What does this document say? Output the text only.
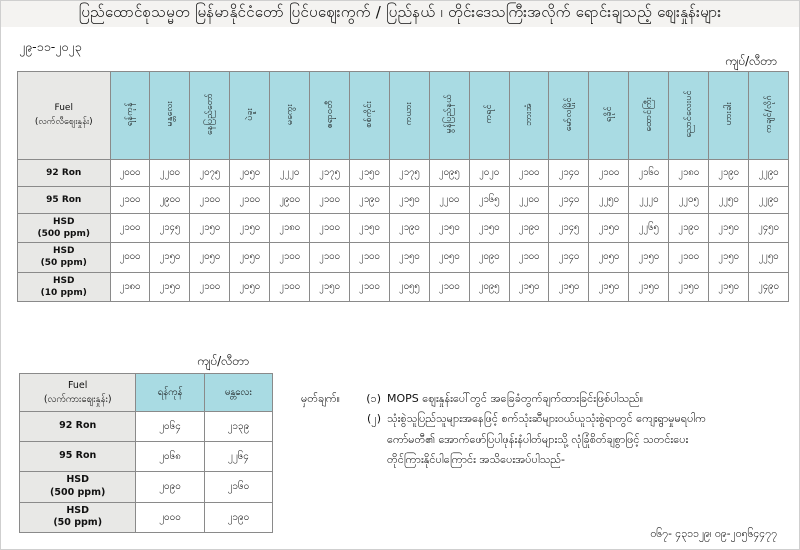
ပြည်ထောင်စုသမ္မတ မြန်မာနိုင်ငံတော် ပြင်ပဈေးကွက် / ပြည်နယ် ၊ တိုင်းဒေသကြီးအလိုက် ရောင်းချသည့် စျေးနှုန်းများ
၂၉-၁၁-၂၀၂၃
ကျပ်/လီတာ
Fuel
(လက်လီဈေးနှုန်း)	ရန်ကုန်	မန္တလေး	နေပြည်တော်	ပဲခူး	မကွေး	ဧရာဝတီ	စစ်ကိုင်း	ကယား	မွန်ပြည်နယ်	ကရင်	ဘားအံ	မော်လမြိုင်	ရခိုင်	ထောင်ကြီး	ညောင်လေးပင်	ဟားခါး	ကချင်/လိုဂ်

92 Ron	၂၀၀၀	၂၂၀၀	၂၀၇၅	၂၀၅၀	၂၂၂၀	၂၁၇၅	၂၁၅၀	၂၁၇၅	၂၀၉၅	၂၀၂၀	၂၁၀၀	၂၁၄၀	၂၁၀၀	၂၁၆၀	၂၁၈၀	၂၁၉၀	၂၂၉၀

95 Ron	၂၁၀၀	၂၉၀၀	၂၁၀၀	၂၁၀၀	၂၉၀၀	၂၁၀၀	၂၁၉၀	၂၁၅၀	၂၂၀၀	၂၁၆၅	၂၂၀၀	၂၁၄၀	၂၂၅၀	၂၂၂၀	၂၂၀၅	၂၂၅၀	၂၂၉၀

HSD
(500 ppm)	၂၁၀၀	၂၁၄၅	၂၁၅၀	၂၁၅၀	၂၁၈၀	၂၁၀၀	၂၁၅၀	၂၁၉၀	၂၁၅၀	၂၁၅၀	၂၁၉၀	၂၁၄၅	၂၁၅၀	၂၂၆၅	၂၁၉၀	၂၁၅၀	၂၄၅၀

HSD
(50 ppm)	၂၀၀၀	၂၁၅၀	၂၀၅၀	၂၀၅၀	၂၁၀၀	၂၁၀၀	၂၁၀၀	၂၁၅၀	၂၀၅၀	၂၀၉၀	၂၁၀၀	၂၁၄၀	၂၀၅၀	၂၁၅၀	၂၁၀၀	၂၁၅၀	၂၂၅၀

HSD
(10 ppm)	၂၁၈၀	၂၁၅၀	၂၁၀၀	၂၀၅၀	၂၁၀၀	၂၁၅၀	၂၁၀၀	၂၀၅၅	၂၁၀၀	၂၀၉၅	၂၁၅၀	၂၁၅၀	၂၁၅၀	၂၁၅၀	၂၁၅၀	၂၁၅၀	၂၄၉၀
ကျပ်/လီတာ
Fuel
(လက်ကားဈေးနှုန်း)	ရန်ကုန်	မန္တလေး

92 Ron	၂၀၆၄	၂၁၃၉

95 Ron	၂၀၆၈	၂၂၆၄

HSD
(500 ppm)	၂၀၉၀	၂၁၆၀

HSD
(50 ppm)	၂၀၀၀	၂၁၉၀
မှတ်ချက်။	(၁) MOPS ဈေးနှုန်းပေါ်တွင် အခြေခံတွက်ချက်ထားခြင်းဖြစ်ပါသည်။
(၂) သုံးစွဲသူပြည်သူများအနေဖြင့် စက်သုံးဆီများဝယ်ယူသုံးစွဲရာတွင် ကျေးရွာမှုမရပါက
ကော်မတီ၏ အောက်ဖော်ပြပါဖုန်းနံပါတ်များသို့ လုံခြုံစိတ်ချစွာဖြင့် သတင်းပေး
တိုင်ကြားနိုင်ပါကြောင်း အသိပေးအပ်ပါသည်-
၀၆၇- ၄၃၁၁၂၉၊ ၀၉-၂၀၅၆၄၄၇၇
